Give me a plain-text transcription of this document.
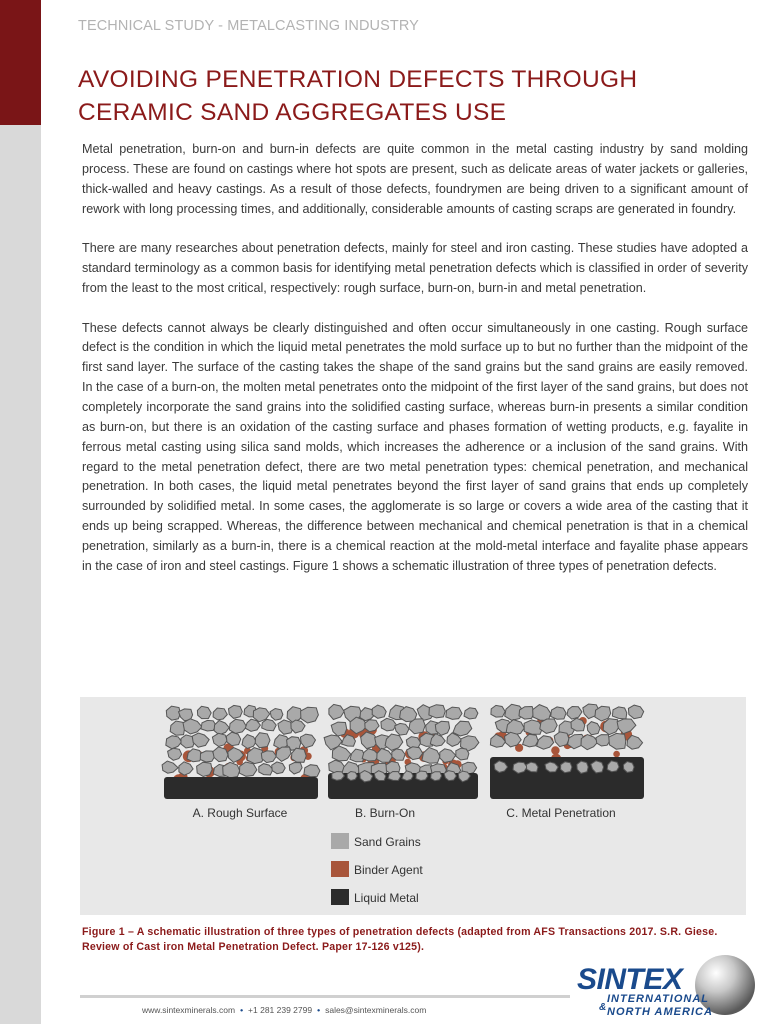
TECHNICAL STUDY - METALCASTING INDUSTRY
AVOIDING PENETRATION DEFECTS THROUGH CERAMIC SAND AGGREGATES USE

Metal penetration, burn-on and burn-in defects are quite common in the metal casting industry by sand molding process. These are found on castings where hot spots are present, such as delicate areas of water jackets or galleries, thick-walled and heavy castings. As a result of those defects, foundrymen are being driven to a significant amount of rework with long processing times, and additionally, considerable amounts of casting scraps are generated in foundry.

There are many researches about penetration defects, mainly for steel and iron casting. These studies have adopted a standard terminology as a common basis for identifying metal penetration defects which is classified in order of severity from the least to the most critical, respectively: rough surface, burn-on, burn-in and metal penetration.

These defects cannot always be clearly distinguished and often occur simultaneously in one casting. Rough surface defect is the condition in which the liquid metal penetrates the mold surface up to but no further than the midpoint of the first sand layer. The surface of the casting takes the shape of the sand grains but the sand grains are easily removed. In the case of a burn-on, the molten metal penetrates onto the midpoint of the first layer of the sand grains, but does not completely incorporate the sand grains into the solidified casting surface, whereas burn-in presents a similar condition as burn-on, but there is an oxidation of the casting surface and phases formation of wetting products, e.g. fayalite in ferrous metal casting using silica sand molds, which increases the adherence or a inclusion of the sand grains. With regard to the metal penetration defect, there are two metal penetration types: chemical penetration, and mechanical penetration. In both cases, the liquid metal penetrates beyond the first layer of sand grains that ends up completely surrounded by solidified metal. In some cases, the agglomerate is so large or covers a wide area of the casting that it ends up being scrapped. Whereas, the difference between mechanical and chemical penetration is that in a chemical penetration, similarly as a burn-in, there is a chemical reaction at the mold-metal interface and fayalite phase appears in the case of iron and steel castings. Figure 1 shows a schematic illustration of three types of penetration defects.

A. Rough Surface	B. Burn-On	C. Metal Penetration
Sand Grains
Binder Agent
Liquid Metal
Figure 1 – A schematic illustration of three types of penetration defects (adapted from AFS Transactions 2017. S.R. Giese. Review of Cast iron Metal Penetration Defect. Paper 17-126 v125).
www.sintexminerals.com • +1 281 239 2799 • sales@sintexminerals.com
SINTEX
INTERNATIONAL
NORTH AMERICA
&
